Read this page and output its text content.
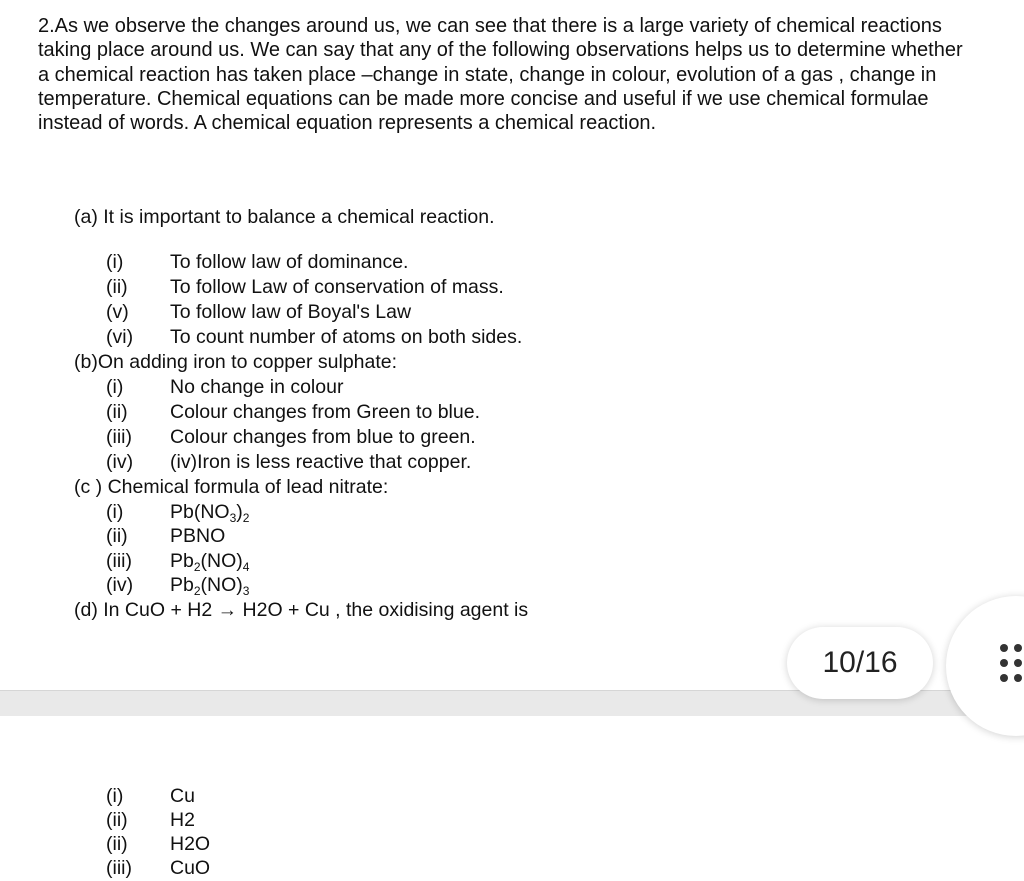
2.As we observe the changes around us, we can see that there is a large variety of chemical reactions taking place around us. We can say that any of the following observations helps us to determine whether a chemical reaction has taken place –change in state, change in colour, evolution of a gas , change in temperature. Chemical equations can be made more concise and useful if we use chemical formulae instead of words. A chemical equation represents a chemical reaction.

(a) It is important to balance a chemical reaction.
(i) To follow law of dominance.
(ii) To follow Law of conservation of mass.
(v) To follow law of Boyal's Law
(vi) To count number of atoms on both sides.
(b)On adding iron to copper sulphate:
(i) No change in colour
(ii) Colour changes from Green to blue.
(iii) Colour changes from blue to green.
(iv) (iv)Iron is less reactive that copper.
(c ) Chemical formula of lead nitrate:
(i) $Pb(NO_3)_2$
(ii) PBNO
(iii) $Pb_2(NO)_4$
(iv) $Pb_2(NO)_3$
(d) In CuO + H2 → H2O + Cu , the oxidising agent is
(i) Cu
(ii) H2
(ii) H2O
(iii) CuO
10/16
